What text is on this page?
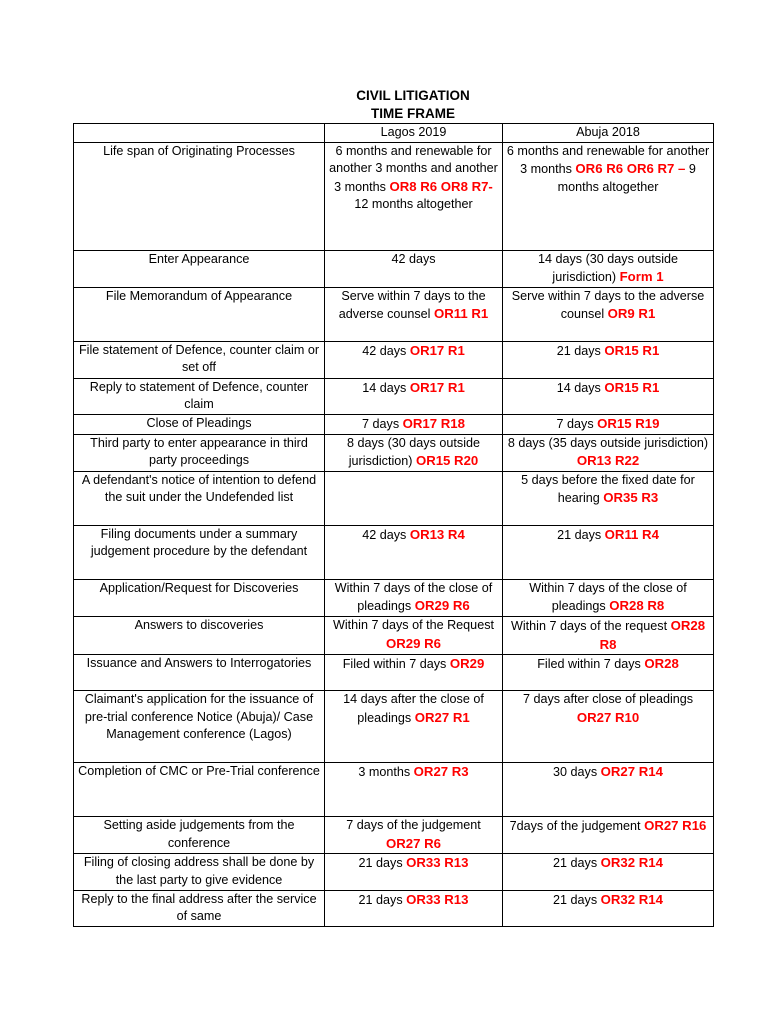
CIVIL LITIGATION
TIME FRAME
	Lagos 2019	Abuja 2018
Life span of Originating Processes	6 months and renewable for another 3 months and another 3 months OR8 R6 OR8 R7- 12 months altogether	6 months and renewable for another 3 months OR6 R6 OR6 R7 – 9 months altogether
Enter Appearance	42 days	14 days (30 days outside jurisdiction) Form 1
File Memorandum of Appearance	Serve within 7 days to the adverse counsel OR11 R1	Serve within 7 days to the adverse counsel OR9 R1
File statement of Defence, counter claim or set off	42 days OR17 R1	21 days OR15 R1
Reply to statement of Defence, counter claim	14 days OR17 R1	14 days OR15 R1
Close of Pleadings	7 days OR17 R18	7 days OR15 R19
Third party to enter appearance in third party proceedings	8 days (30 days outside jurisdiction) OR15 R20	8 days (35 days outside jurisdiction) OR13 R22
A defendant's notice of intention to defend the suit under the Undefended list		5 days before the fixed date for hearing OR35 R3
Filing documents under a summary judgement procedure by the defendant	42 days OR13 R4	21 days OR11 R4
Application/Request for Discoveries	Within 7 days of the close of pleadings OR29 R6	Within 7 days of the close of pleadings OR28 R8
Answers to discoveries	Within 7 days of the Request OR29 R6	Within 7 days of the request OR28 R8
Issuance and Answers to Interrogatories	Filed within 7 days OR29	Filed within 7 days OR28
Claimant's application for the issuance of pre-trial conference Notice (Abuja)/ Case Management conference (Lagos)	14 days after the close of pleadings OR27 R1	7 days after close of pleadings OR27 R10
Completion of CMC or Pre-Trial conference	3 months OR27 R3	30 days OR27 R14
Setting aside judgements from the conference	7 days of the judgement OR27 R6	7days of the judgement OR27 R16
Filing of closing address shall be done by the last party to give evidence	21 days OR33 R13	21 days OR32 R14
Reply to the final address after the service of same	21 days OR33 R13	21 days OR32 R14
